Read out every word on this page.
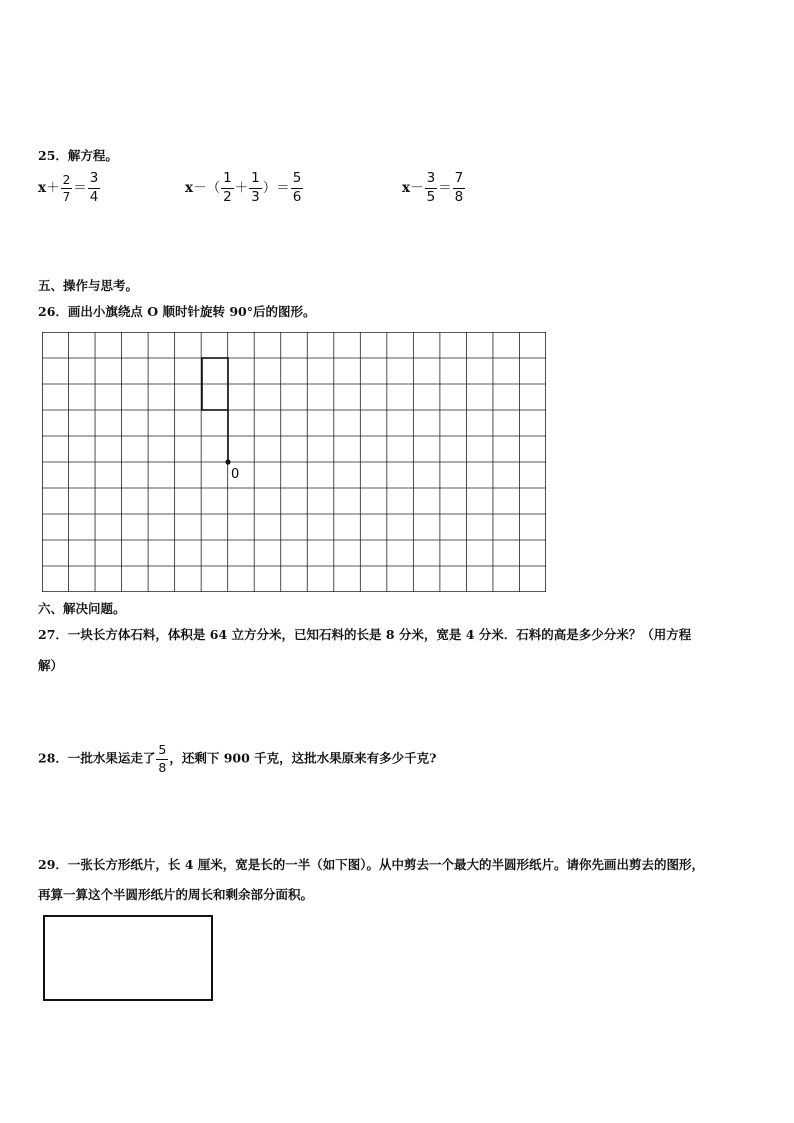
25．解方程。
$x+ \frac{2}{7} = \frac{3}{4}$	$x-( \frac{1}{2} + \frac{1}{3}$ ）＝ $\frac{5}{6}$	$x- \frac{3}{5} = \frac{7}{8}$
五、操作与思考。
26．画出小旗绕点 O 顺时针旋转 90°后的图形。
0
六、解决问题。
27．一块长方体石料，体积是 64 立方分米，已知石料的长是 8 分米，宽是 4 分米．石料的高是多少分米？（用方程
解）
28．一批水果运走了 $\frac{5}{8}$ ，还剩下 900 千克，这批水果原来有多少千克?
29．一张长方形纸片，长 4 厘米，宽是长的一半（如下图）。从中剪去一个最大的半圆形纸片。请你先画出剪去的图形，
再算一算这个半圆形纸片的周长和剩余部分面积。
